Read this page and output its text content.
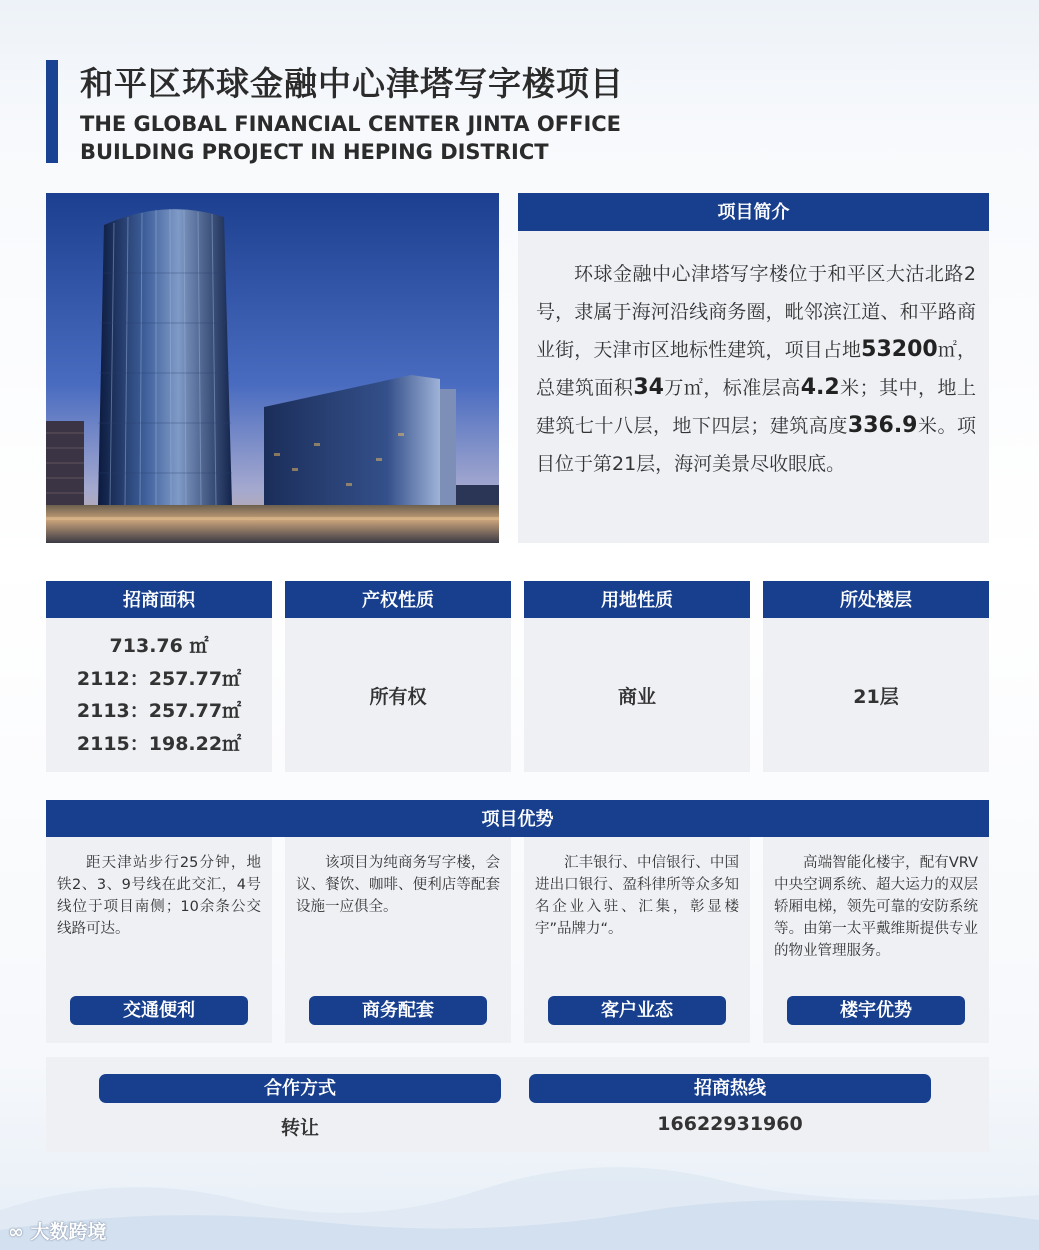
和平区环球金融中心津塔写字楼项目
THE GLOBAL FINANCIAL CENTER JINTA OFFICE BUILDING PROJECT IN HEPING DISTRICT
项目简介
环球金融中心津塔写字楼位于和平区大沽北路2号，隶属于海河沿线商务圈，毗邻滨江道、和平路商业街，天津市区地标性建筑，项目占地53200㎡，总建筑面积34万㎡，标准层高4.2米；其中，地上建筑七十八层，地下四层；建筑高度336.9米。项目位于第21层，海河美景尽收眼底。
招商面积
713.76 ㎡
2112：257.77㎡
2113：257.77㎡
2115：198.22㎡
产权性质
所有权
用地性质
商业
所处楼层
21层
项目优势
距天津站步行25分钟，地铁2、3、9号线在此交汇，4号线位于项目南侧；10余条公交线路可达。
交通便利
该项目为纯商务写字楼，会议、餐饮、咖啡、便利店等配套设施一应俱全。
商务配套
汇丰银行、中信银行、中国进出口银行、盈科律所等众多知名企业入驻、汇集，彰显楼宇”品牌力“。
客户业态
高端智能化楼宇，配有VRV中央空调系统、超大运力的双层轿厢电梯，领先可靠的安防系统等。由第一太平戴维斯提供专业的物业管理服务。
楼宇优势
合作方式
转让
招商热线
16622931960
∞ 大数跨境
